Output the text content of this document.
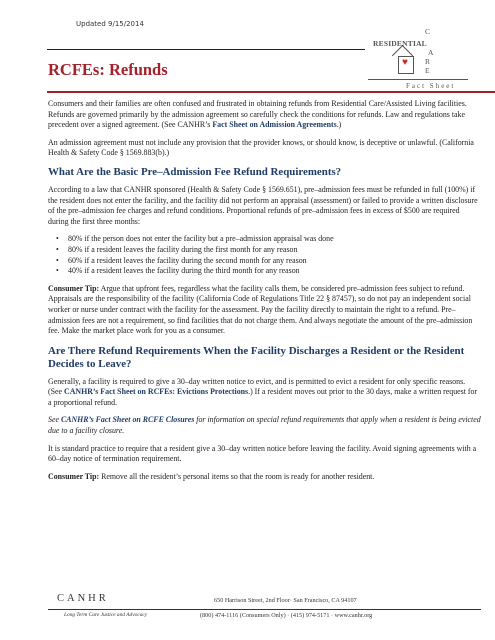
Updated 9/15/2014
C
RESIDENTIAL
A
R
E
♥
Fact Sheet
RCFEs: Refunds

Consumers and their families are often confused and frustrated in obtaining refunds from Residential Care/Assisted Living facilities. Refunds are governed primarily by the admission agreement so carefully check the conditions for refunds. Law and regulations take precedent over a signed agreement. (See CANHR’s Fact Sheet on Admission Agreements.)

An admission agreement must not include any provision that the provider knows, or should know, is deceptive or unlawful. (California Health & Safety Code § 1569.883(b).)

What Are the Basic Pre–Admission Fee Refund Requirements?

According to a law that CANHR sponsored (Health & Safety Code § 1569.651), pre–admission fees must be refunded in full (100%) if the resident does not enter the facility, and the facility did not perform an appraisal (assessment) or failed to provide a written disclosure of the pre–admission fee charges and refund conditions. Proportional refunds of pre–admission fees in excess of $500 are required during the first three months:

• 80% if the person does not enter the facility but a pre–admission appraisal was done
• 80% if a resident leaves the facility during the first month for any reason
• 60% if a resident leaves the facility during the second month for any reason
• 40% if a resident leaves the facility during the third month for any reason

Consumer Tip: Argue that upfront fees, regardless what the facility calls them, be considered pre–admission fees subject to refund. Appraisals are the responsibility of the facility (California Code of Regulations Title 22 § 87457), so do not pay an independent social worker or nurse under contract with the facility for the assessment. Pay the facility directly to maintain the right to a refund. Pre–admission fees are not a requirement, so find facilities that do not charge them. And always negotiate the amount of the pre–admission fee. Make the market place work for you as a consumer.

Are There Refund Requirements When the Facility Discharges a Resident or the Resident Decides to Leave?

Generally, a facility is required to give a 30–day written notice to evict, and is permitted to evict a resident for only specific reasons. (See CANHR’s Fact Sheet on RCFEs: Evictions Protections.) If a resident moves out prior to the 30 days, make a written request for a proportional refund.

See CANHR’s Fact Sheet on RCFE Closures for information on special refund requirements that apply when a resident is being evicted due to a facility closure.

It is standard practice to require that a resident give a 30–day written notice before leaving the facility. Avoid signing agreements with a 60–day notice of termination requirement.

Consumer Tip: Remove all the resident’s personal items so that the room is ready for another resident.

CANHR	650 Harrison Street, 2nd Floor· San Francisco, CA 94107
Long Term Care Justice and Advocacy	(800) 474-1116 (Consumers Only) · (415) 974-5171 · www.canhr.org
